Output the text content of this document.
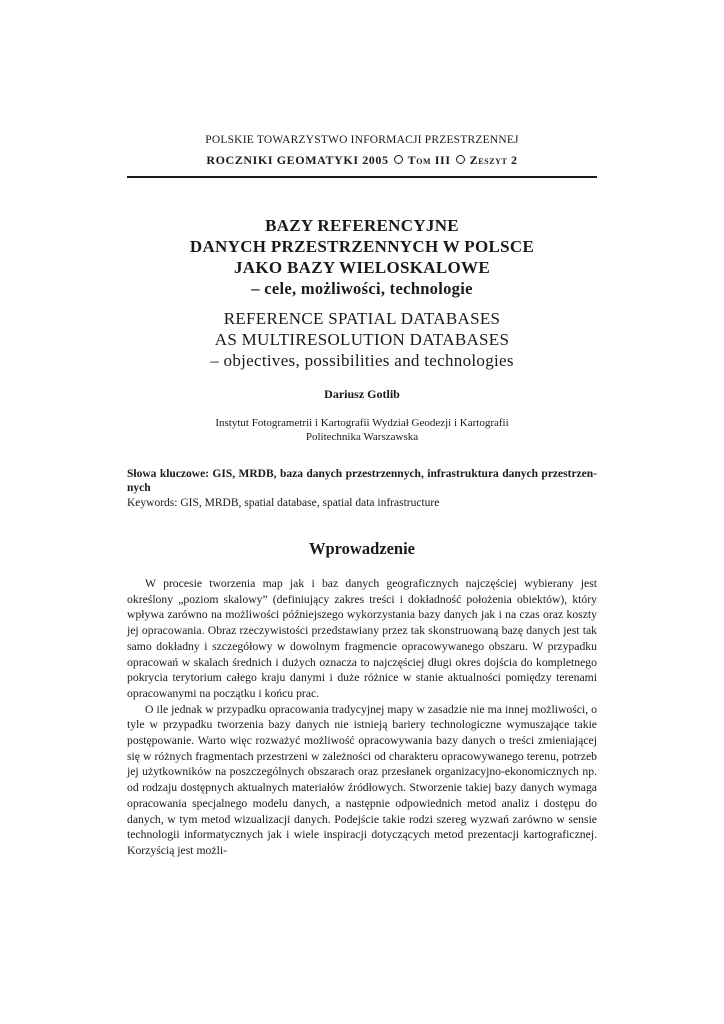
POLSKIE TOWARZYSTWO INFORMACJI PRZESTRZENNEJ
ROCZNIKI GEOMATYKI 2005 Tom III Zeszyt 2
BAZY REFERENCYJNE
DANYCH PRZESTRZENNYCH W POLSCE
JAKO BAZY WIELOSKALOWE
– cele, możliwości, technologie
REFERENCE SPATIAL DATABASES
AS MULTIRESOLUTION DATABASES
– objectives, possibilities and technologies
Dariusz Gotlib
Instytut Fotogrametrii i Kartografii Wydział Geodezji i Kartografii
Politechnika Warszawska
Słowa kluczowe: GIS, MRDB, baza danych przestrzennych, infrastruktura danych przestrzennych
Keywords: GIS, MRDB, spatial database, spatial data infrastructure
Wprowadzenie

W procesie tworzenia map jak i baz danych geograficznych najczęściej wybierany jest określony „poziom skalowy” (definiujący zakres treści i dokładność położenia obiektów), który wpływa zarówno na możliwości późniejszego wykorzystania bazy danych jak i na czas oraz koszty jej opracowania. Obraz rzeczywistości przedstawiany przez tak skonstruowaną bazę danych jest tak samo dokładny i szczegółowy w dowolnym fragmencie opracowywanego obszaru. W przypadku opracowań w skalach średnich i dużych oznacza to najczęściej długi okres dojścia do kompletnego pokrycia terytorium całego kraju danymi i duże różnice w stanie aktualności pomiędzy terenami opracowanymi na początku i końcu prac.

O ile jednak w przypadku opracowania tradycyjnej mapy w zasadzie nie ma innej możliwości, o tyle w przypadku tworzenia bazy danych nie istnieją bariery technologiczne wymuszające takie postępowanie. Warto więc rozważyć możliwość opracowywania bazy danych o treści zmieniającej się w różnych fragmentach przestrzeni w zależności od charakteru opracowywanego terenu, potrzeb jej użytkowników na poszczególnych obszarach oraz przesłanek organizacyjno-ekonomicznych np. od rodzaju dostępnych aktualnych materiałów źródłowych. Stworzenie takiej bazy danych wymaga opracowania specjalnego modelu danych, a następnie odpowiednich metod analiz i dostępu do danych, w tym metod wizualizacji danych. Podejście takie rodzi szereg wyzwań zarówno w sensie technologii informatycznych jak i wiele inspiracji dotyczących metod prezentacji kartograficznej. Korzyścią jest możli-
